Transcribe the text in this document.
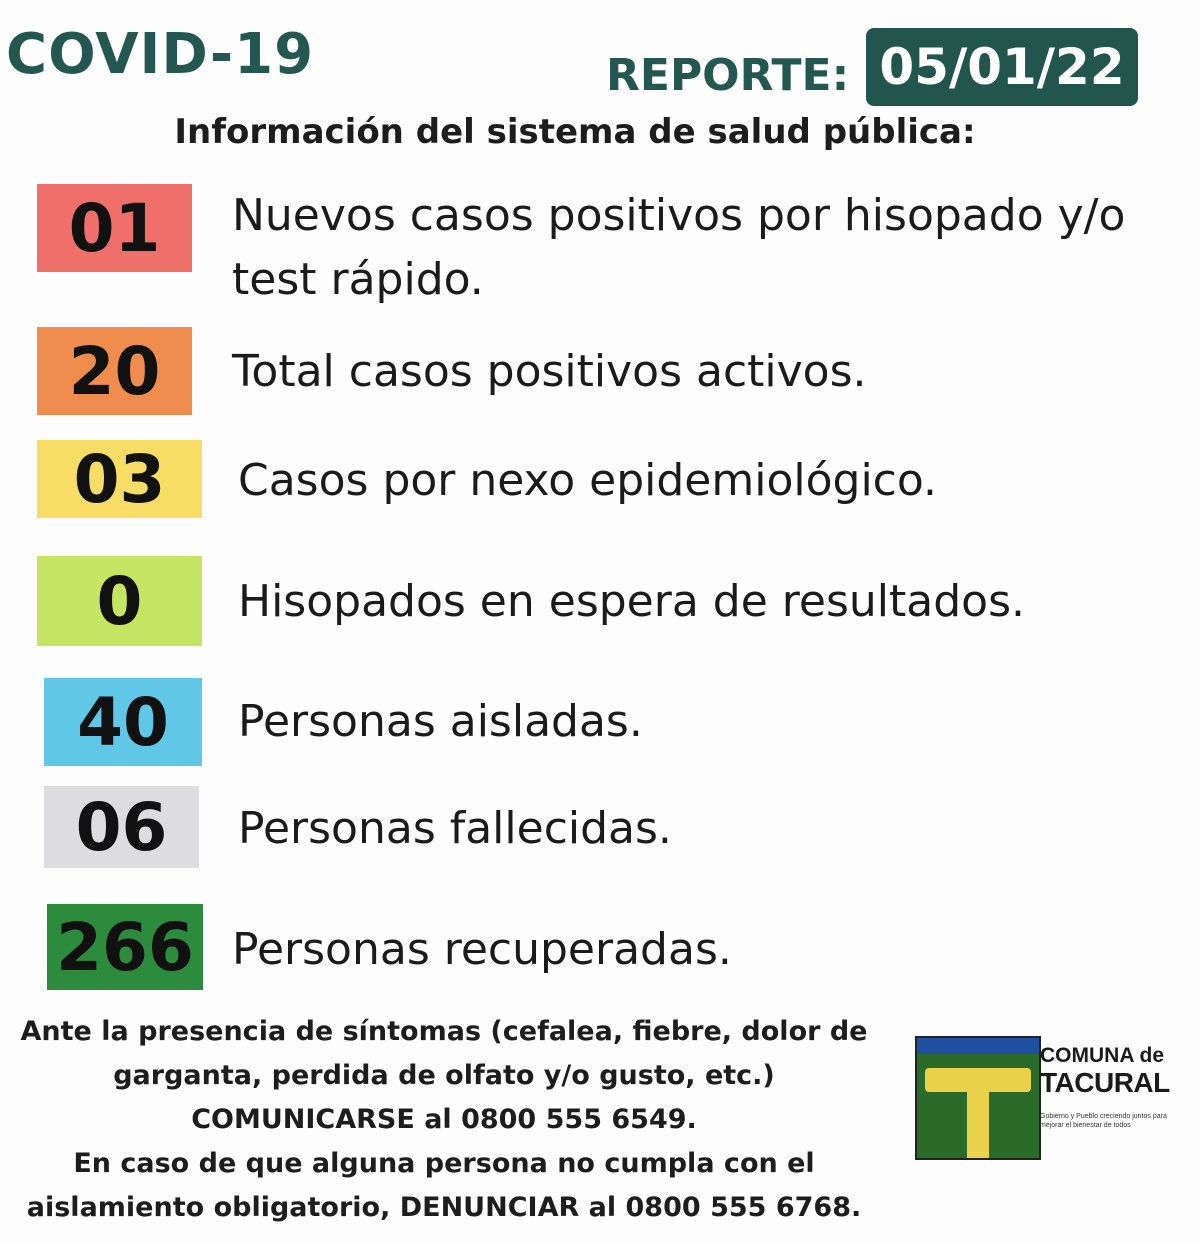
COVID-19	REPORTE: 05/01/22
Información del sistema de salud pública:
01 Nuevos casos positivos por hisopado y/o
test rápido.
20 Total casos positivos activos.
03 Casos por nexo epidemiológico.
0 Hisopados en espera de resultados.
40 Personas aisladas.
06 Personas fallecidas.
266 Personas recuperadas.
Ante la presencia de síntomas (cefalea, fiebre, dolor de
garganta, perdida de olfato y/o gusto, etc.)
COMUNICARSE al 0800 555 6549.
En caso de que alguna persona no cumpla con el
aislamiento obligatorio, DENUNCIAR al 0800 555 6768.
COMUNA de
TACURAL
Gobierno y Pueblo creciendo juntos para mejorar el bienestar de todos
